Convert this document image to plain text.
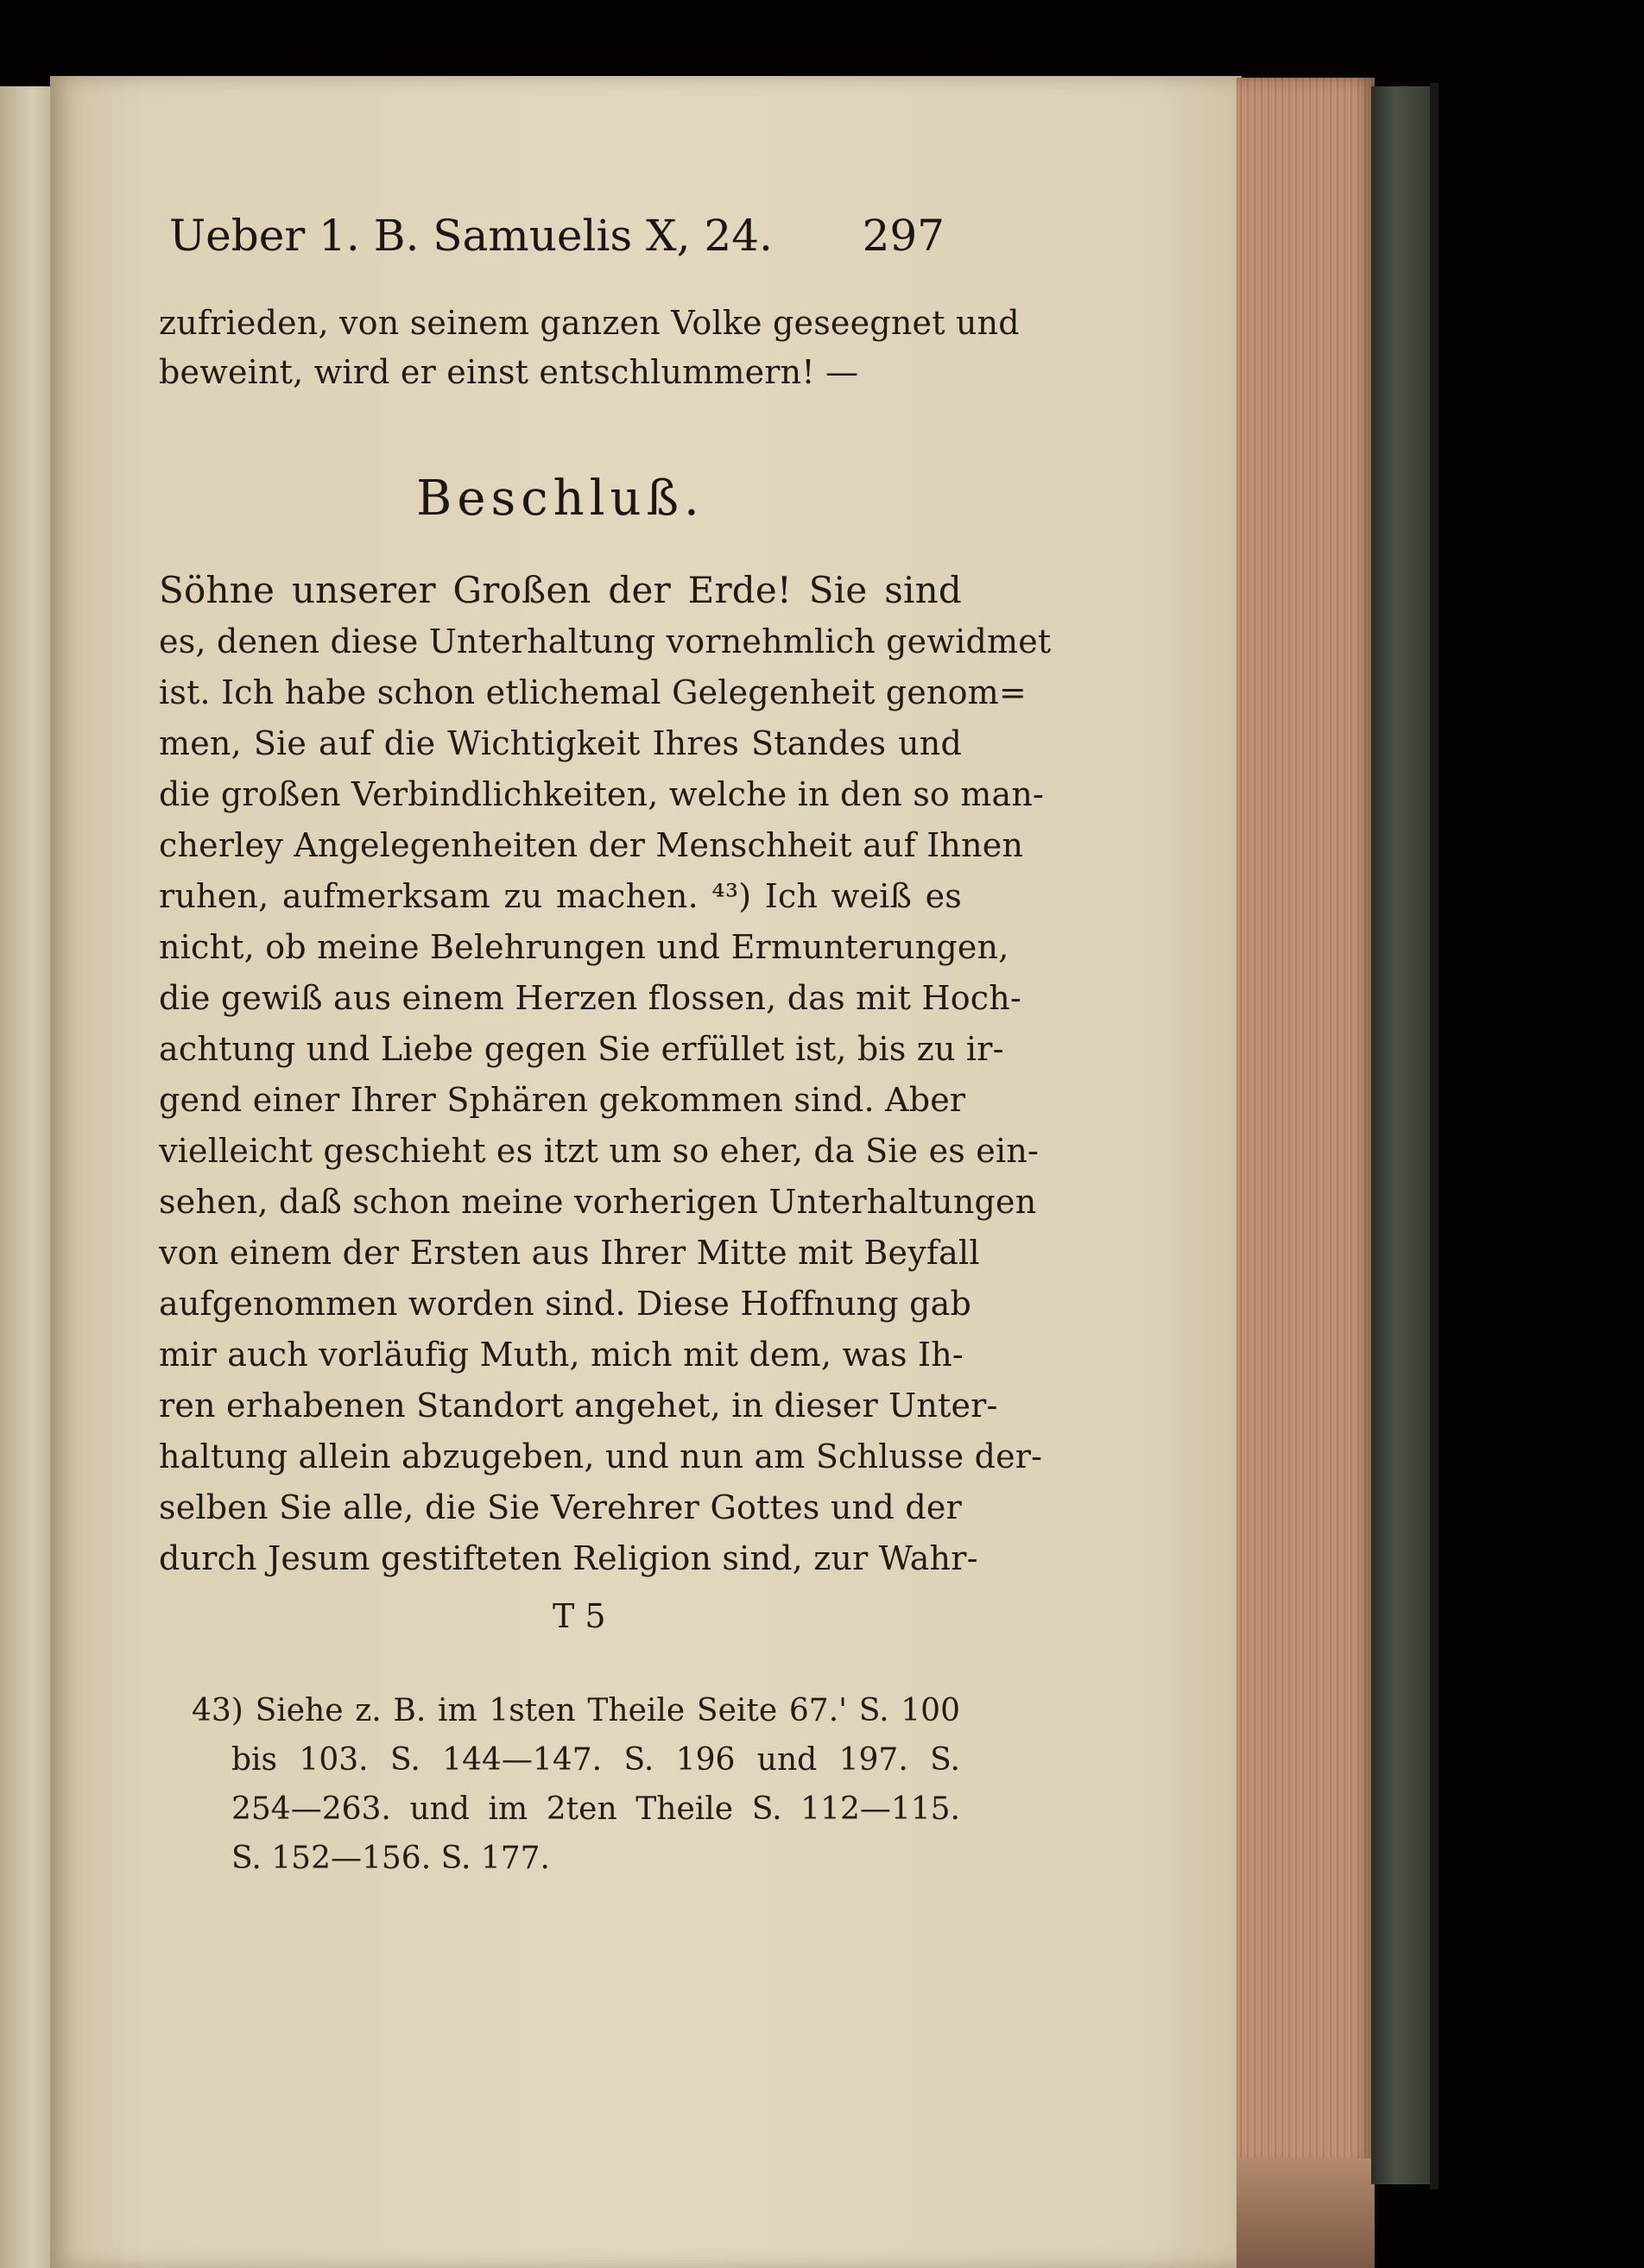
Ueber 1. B. Samuelis X, 24. 297
zufrieden, von seinem ganzen Volke geseegnet und
beweint, wird er einst entschlummern! —
Beschluß.
Söhne unserer Großen der Erde! Sie sind
es, denen diese Unterhaltung vornehmlich gewidmet
ist. Ich habe schon etlichemal Gelegenheit genom=
men, Sie auf die Wichtigkeit Ihres Standes und
die großen Verbindlichkeiten, welche in den so man-
cherley Angelegenheiten der Menschheit auf Ihnen
ruhen, aufmerksam zu machen. ⁴³) Ich weiß es
nicht, ob meine Belehrungen und Ermunterungen,
die gewiß aus einem Herzen flossen, das mit Hoch-
achtung und Liebe gegen Sie erfüllet ist, bis zu ir-
gend einer Ihrer Sphären gekommen sind. Aber
vielleicht geschieht es itzt um so eher, da Sie es ein-
sehen, daß schon meine vorherigen Unterhaltungen
von einem der Ersten aus Ihrer Mitte mit Beyfall
aufgenommen worden sind. Diese Hoffnung gab
mir auch vorläufig Muth, mich mit dem, was Ih-
ren erhabenen Standort angehet, in dieser Unter-
haltung allein abzugeben, und nun am Schlusse der-
selben Sie alle, die Sie Verehrer Gottes und der
durch Jesum gestifteten Religion sind, zur Wahr-
T 5
43) Siehe z. B. im 1sten Theile Seite 67.' S. 100
bis 103. S. 144—147. S. 196 und 197. S.
254—263. und im 2ten Theile S. 112—115.
S. 152—156. S. 177.
